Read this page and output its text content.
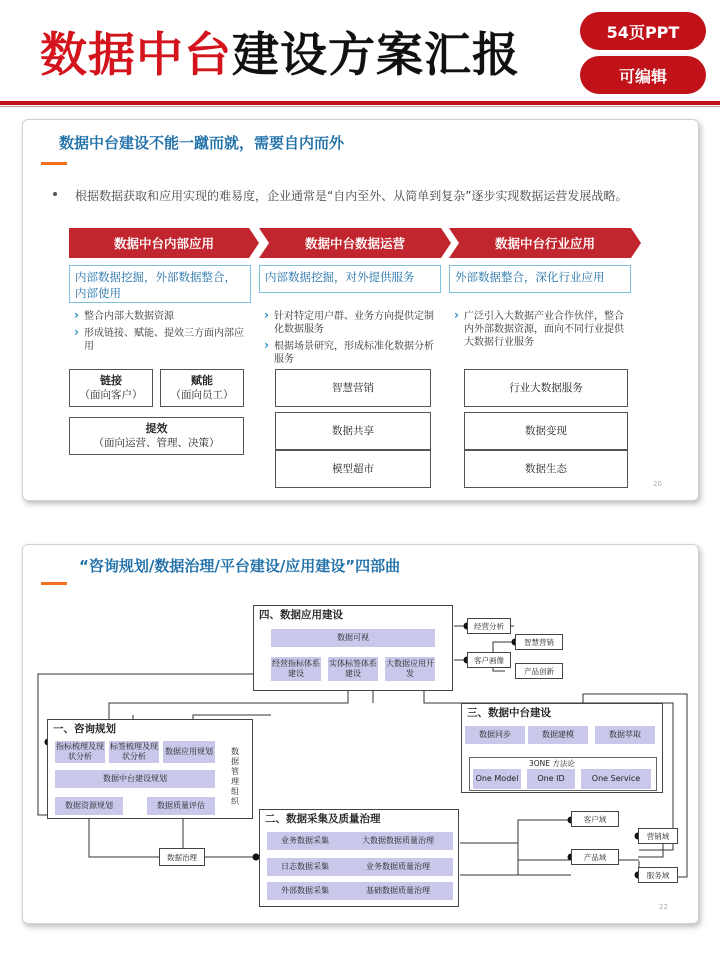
数据中台建设方案汇报	54页PPT
可编辑
数据中台建设不能一蹴而就，需要自内而外
根据数据获取和应用实现的难易度，企业通常是“自内至外、从简单到复杂”逐步实现数据运营发展战略。
数据中台内部应用	数据中台数据运营	数据中台行业应用
内部数据挖掘，外部数据整合，内部使用
内部数据挖掘，对外提供服务	外部数据整合，深化行业应用
› 整合内部大数据资源
› 形成链接、赋能、提效三方面内部应用
› 针对特定用户群、业务方向提供定制化数据服务
› 根据场景研究，形成标准化数据分析服务
› 广泛引入大数据产业合作伙伴，整合内外部数据资源，面向不同行业提供大数据行业服务
链接
（面向客户）
赋能
（面向员工）
提效
（面向运营、管理、决策）
智慧营销
数据共享
模型超市
行业大数据服务
数据变现
数据生态
20
“咨询规划/数据治理/平台建设/应用建设”四部曲
四、数据应用建设
数据可视
经营指标体系建设
实体标签体系建设
大数据应用开发
经营分析
客户画像
智慧营销
产品创新
一、咨询规划
指标梳理及现状分析
标签梳理及现状分析
数据应用规划 数据管理组织
数据中台建设规划
数据资源规划	数据质量评估
三、数据中台建设
数据同步	数据建模	数据萃取
3ONE 方法论
One Model	One ID	One Service
二、数据采集及质量治理
业务数据采集	大数据数据质量治理
日志数据采集	业务数据质量治理
外部数据采集	基础数据质量治理
数据治理
客户域
营销域
产品域
服务域
22
